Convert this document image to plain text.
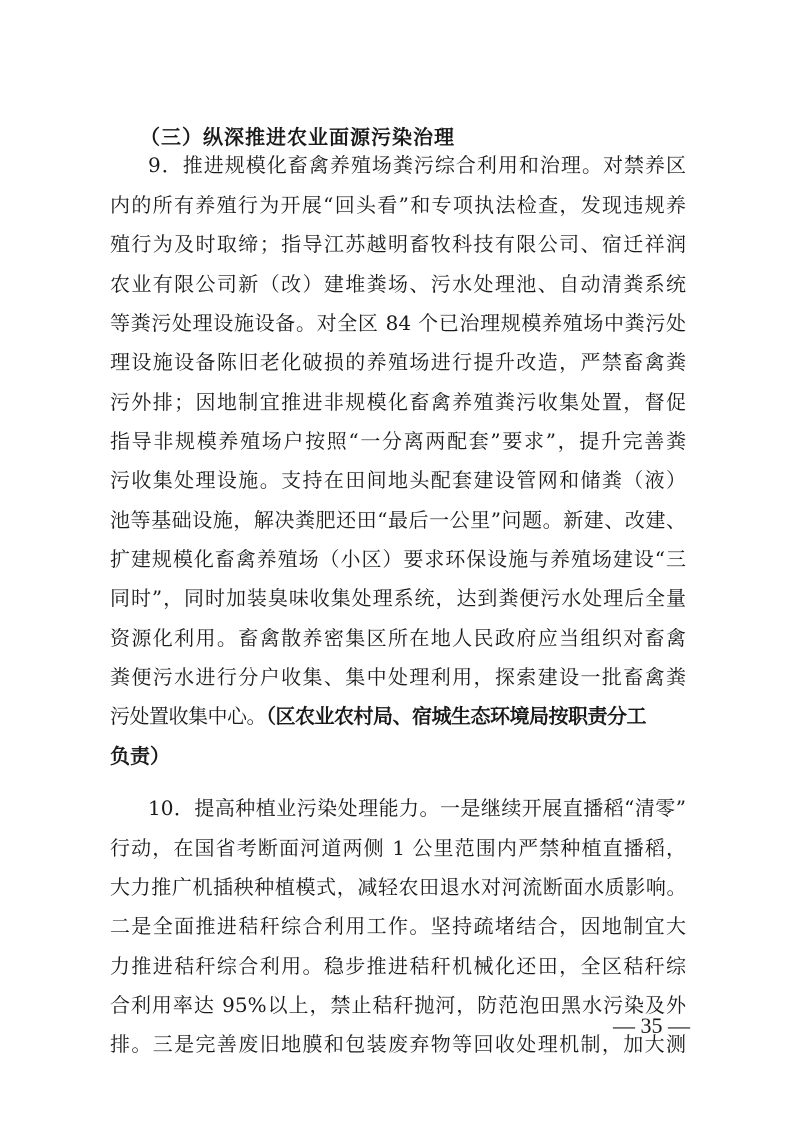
（三）纵深推进农业面源污染治理
9．推进规模化畜禽养殖场粪污综合利用和治理。对禁养区
内的所有养殖行为开展“回头看”和专项执法检查，发现违规养
殖行为及时取缔；指导江苏越明畜牧科技有限公司、宿迁祥润
农业有限公司新（改）建堆粪场、污水处理池、自动清粪系统
等粪污处理设施设备。对全区 84 个已治理规模养殖场中粪污处
理设施设备陈旧老化破损的养殖场进行提升改造，严禁畜禽粪
污外排；因地制宜推进非规模化畜禽养殖粪污收集处置，督促
指导非规模养殖场户按照“一分离两配套”要求”，提升完善粪
污收集处理设施。支持在田间地头配套建设管网和储粪（液）
池等基础设施，解决粪肥还田“最后一公里”问题。新建、改建、
扩建规模化畜禽养殖场（小区）要求环保设施与养殖场建设“三
同时”，同时加装臭味收集处理系统，达到粪便污水处理后全量
资源化利用。畜禽散养密集区所在地人民政府应当组织对畜禽
粪便污水进行分户收集、集中处理利用，探索建设一批畜禽粪
污处置收集中心。（区农业农村局、宿城生态环境局按职责分工
负责）
10．提高种植业污染处理能力。一是继续开展直播稻“清零”
行动，在国省考断面河道两侧 1 公里范围内严禁种植直播稻，
大力推广机插秧种植模式，减轻农田退水对河流断面水质影响。
二是全面推进秸秆综合利用工作。坚持疏堵结合，因地制宜大
力推进秸秆综合利用。稳步推进秸秆机械化还田，全区秸秆综
合利用率达 95%以上，禁止秸秆抛河，防范泡田黑水污染及外
排。三是完善废旧地膜和包装废弃物等回收处理机制，加大测
— 35 —
